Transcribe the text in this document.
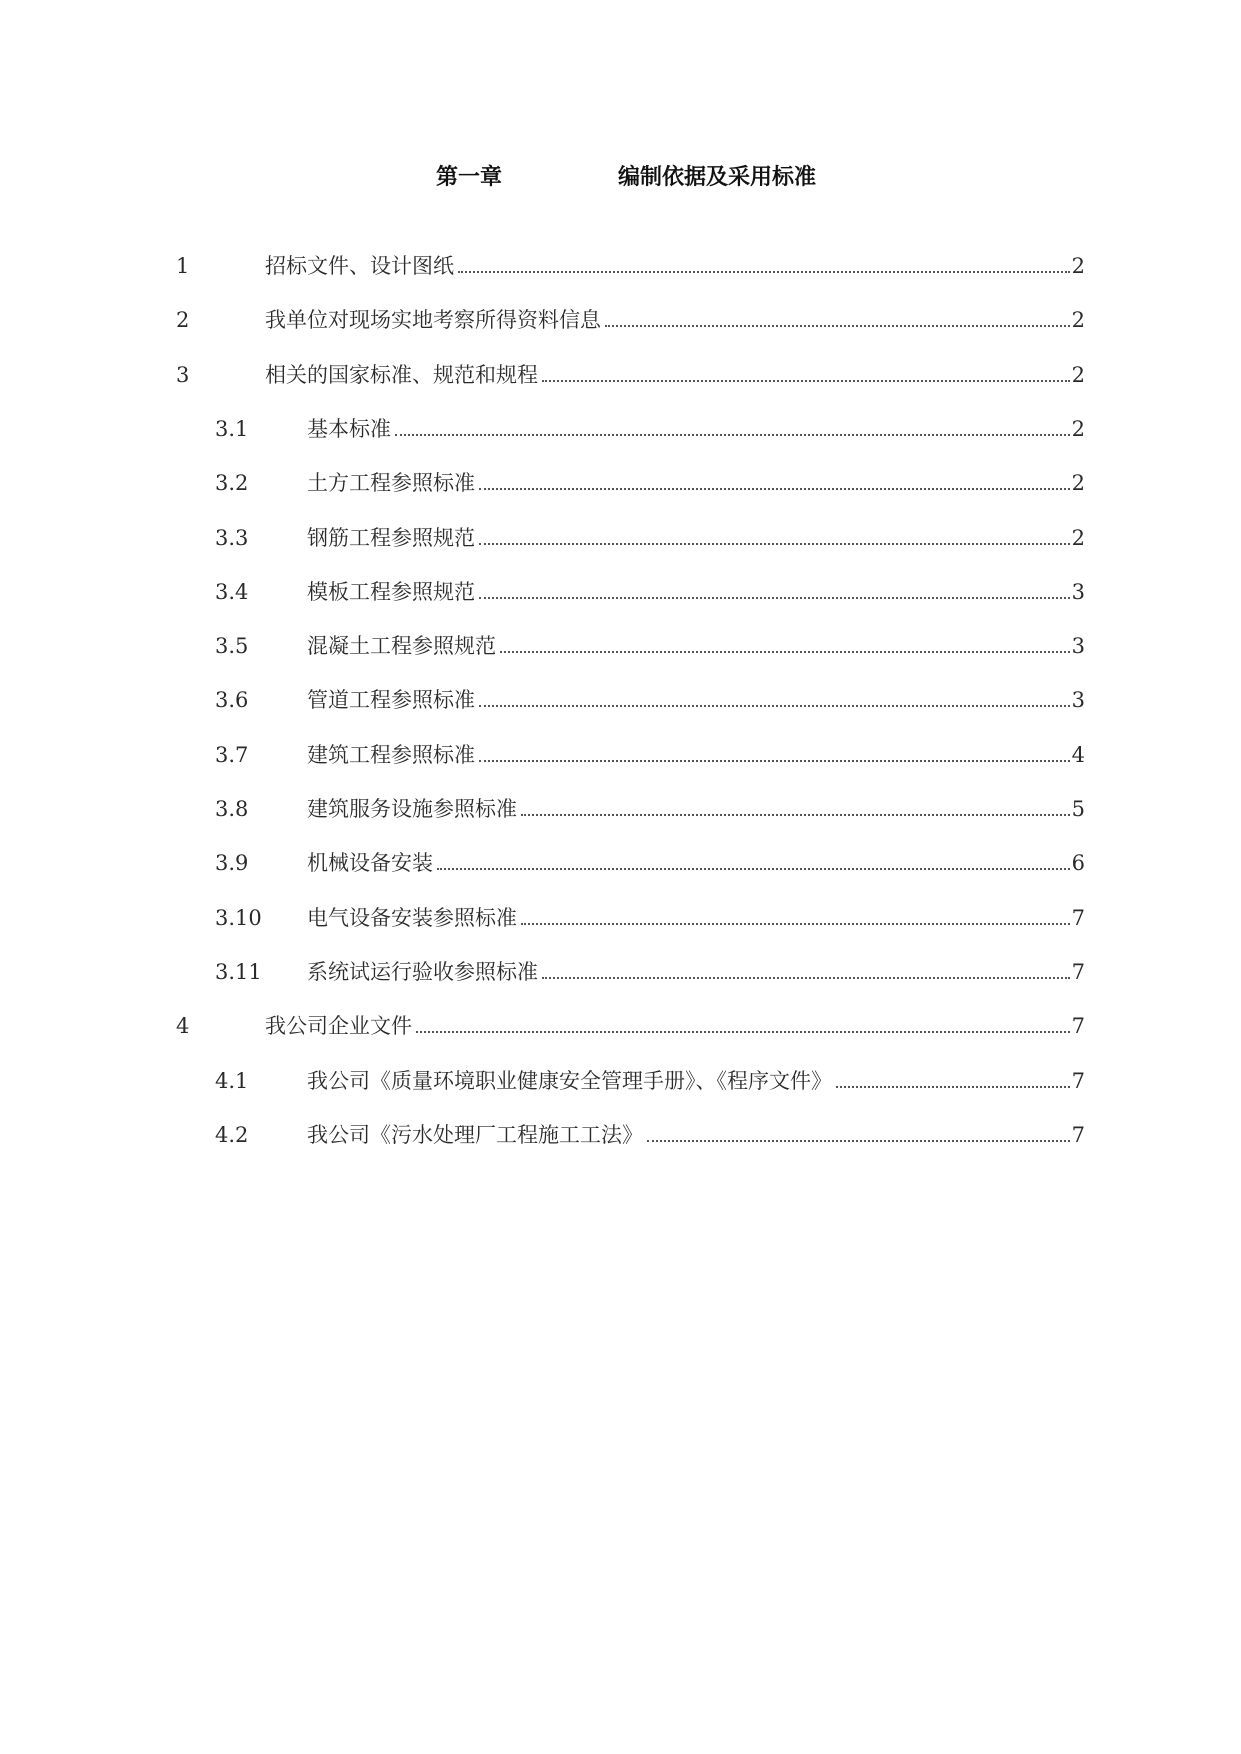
第一章	编制依据及采用标准
1	招标文件、设计图纸	2
2	我单位对现场实地考察所得资料信息	2
3	相关的国家标准、规范和规程	2
3.1	基本标准	2
3.2	土方工程参照标准	2
3.3	钢筋工程参照规范	2
3.4	模板工程参照规范	3
3.5	混凝土工程参照规范	3
3.6	管道工程参照标准	3
3.7	建筑工程参照标准	4
3.8	建筑服务设施参照标准	5
3.9	机械设备安装	6
3.10 电气设备安装参照标准	7
3.11 系统试运行验收参照标准	7
4	我公司企业文件	7
4.1	我公司《质量环境职业健康安全管理手册》、《程序文件》	7
4.2	我公司《污水处理厂工程施工工法》	7
